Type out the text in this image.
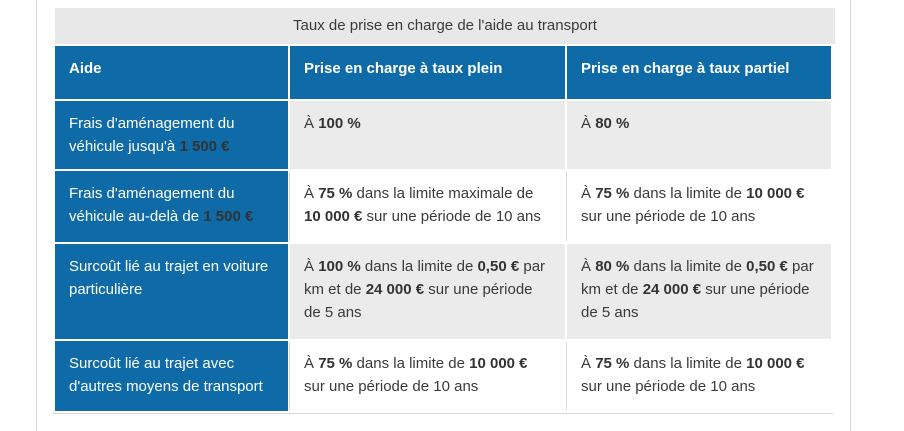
Taux de prise en charge de l'aide au transport
Aide	Prise en charge à taux plein	Prise en charge à taux partiel
Frais d'aménagement du véhicule jusqu'à 1 500 €	À 100 %	À 80 %
Frais d'aménagement du véhicule au-delà de 1 500 €	À 75 % dans la limite maximale de 10 000 € sur une période de 10 ans	À 75 % dans la limite de 10 000 € sur une période de 10 ans
Surcoût lié au trajet en voiture particulière	À 100 % dans la limite de 0,50 € par km et de 24 000 € sur une période de 5 ans	À 80 % dans la limite de 0,50 € par km et de 24 000 € sur une période de 5 ans
Surcoût lié au trajet avec d'autres moyens de transport	À 75 % dans la limite de 10 000 € sur une période de 10 ans	À 75 % dans la limite de 10 000 € sur une période de 10 ans
